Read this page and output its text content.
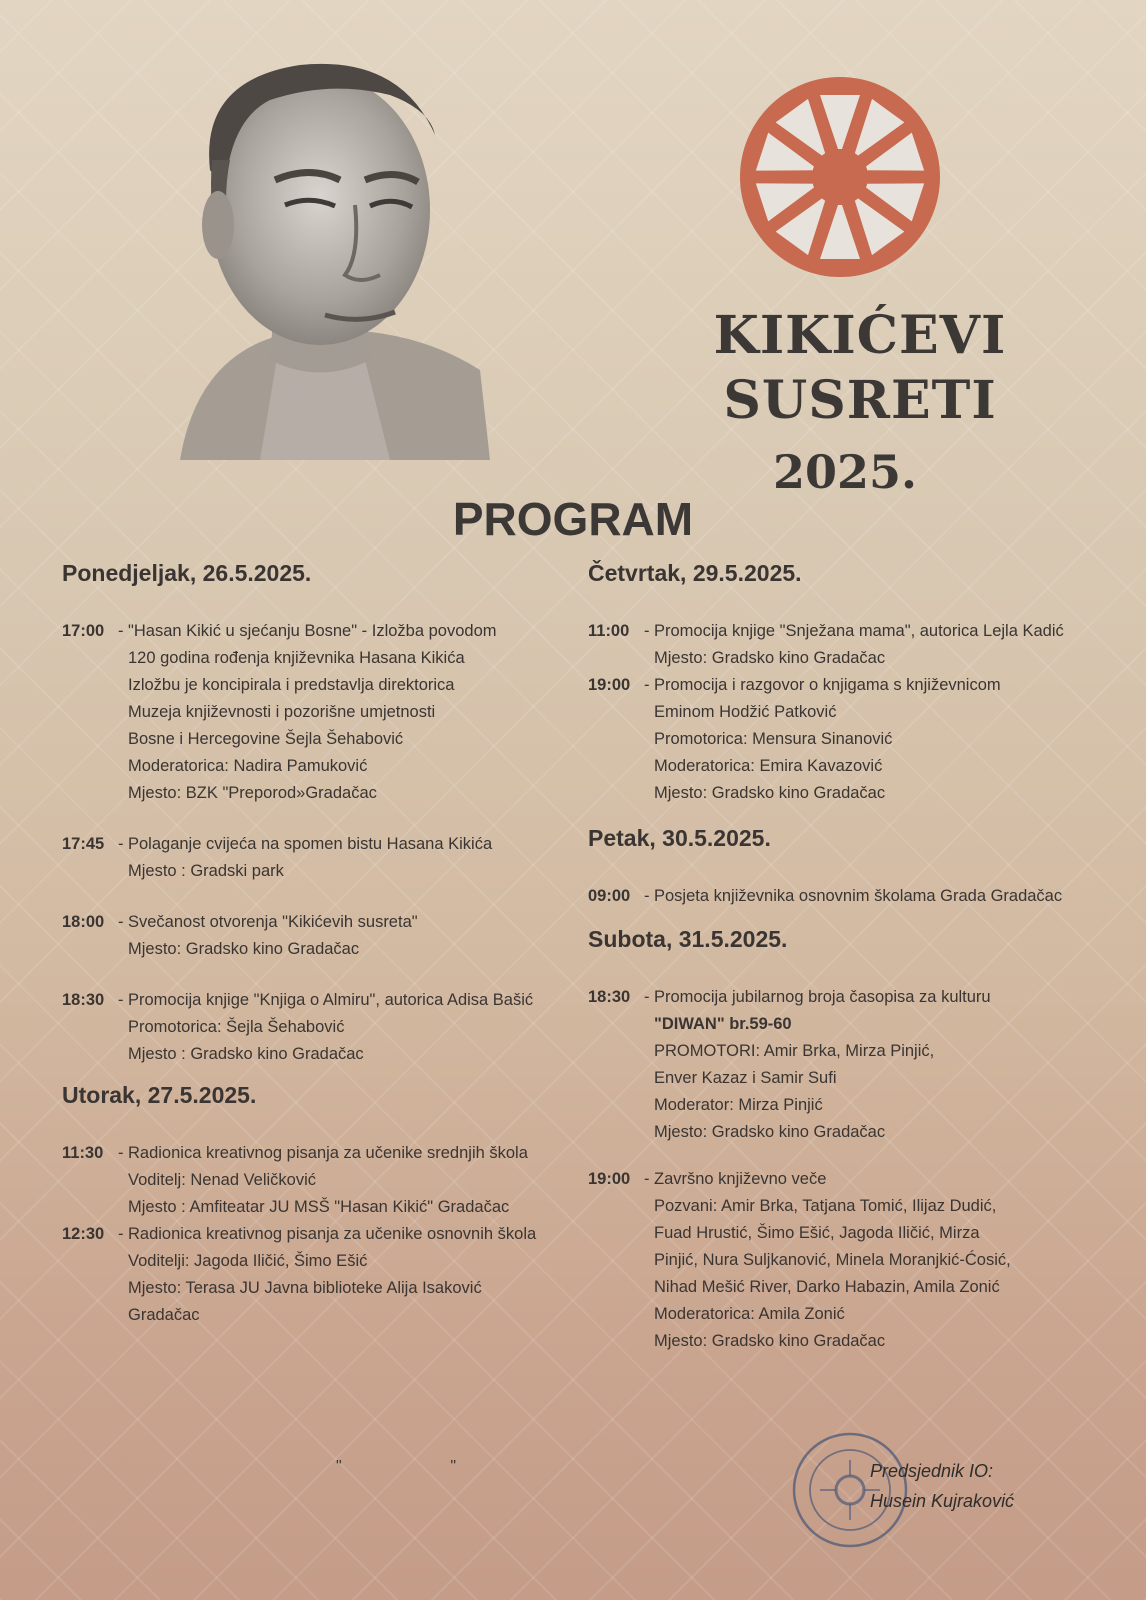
KIKIĆEVI
SUSRETI
2025.
PROGRAM
Ponedjeljak, 26.5.2025.
17:00 - "Hasan Kikić u sjećanju Bosne" - Izložba povodom
120 godina rođenja književnika Hasana Kikića
Izložbu je koncipirala i predstavlja direktorica
Muzeja književnosti i pozorišne umjetnosti
Bosne i Hercegovine Šejla Šehabović
Moderatorica: Nadira Pamuković
Mjesto: BZK "Preporod»Gradačac
17:45 - Polaganje cvijeća na spomen bistu Hasana Kikića
Mjesto : Gradski park
18:00 - Svečanost otvorenja "Kikićevih susreta"
Mjesto: Gradsko kino Gradačac
18:30 - Promocija knjige "Knjiga o Almiru", autorica Adisa Bašić
Promotorica: Šejla Šehabović
Mjesto : Gradsko kino Gradačac
Utorak, 27.5.2025.
11:30 - Radionica kreativnog pisanja za učenike srednjih škola
Voditelj: Nenad Veličković
Mjesto : Amfiteatar JU MSŠ "Hasan Kikić" Gradačac
12:30 - Radionica kreativnog pisanja za učenike osnovnih škola
Voditelji: Jagoda Iličić, Šimo Ešić
Mjesto: Terasa JU Javna biblioteke Alija Isaković
Gradačac
Četvrtak, 29.5.2025.
11:00 - Promocija knjige "Snježana mama", autorica Lejla Kadić
Mjesto: Gradsko kino Gradačac
19:00 - Promocija i razgovor o knjigama s književnicom
Eminom Hodžić Patković
Promotorica: Mensura Sinanović
Moderatorica: Emira Kavazović
Mjesto: Gradsko kino Gradačac
Petak, 30.5.2025.
09:00 - Posjeta književnika osnovnim školama Grada Gradačac
Subota, 31.5.2025.
18:30 - Promocija jubilarnog broja časopisa za kulturu
"DIWAN" br.59-60
PROMOTORI: Amir Brka, Mirza Pinjić,
Enver Kazaz i Samir Sufi
Moderator: Mirza Pinjić
Mjesto: Gradsko kino Gradačac
19:00 - Završno književno veče
Pozvani: Amir Brka, Tatjana Tomić, Ilijaz Dudić,
Fuad Hrustić, Šimo Ešić, Jagoda Iličić, Mirza
Pinjić, Nura Suljkanović, Minela Moranjkić-Ćosić,
Nihad Mešić River, Darko Habazin, Amila Zonić
Moderatorica: Amila Zonić
Mjesto: Gradsko kino Gradačac
"	"	Predsjednik IO:
Husein Kujraković
